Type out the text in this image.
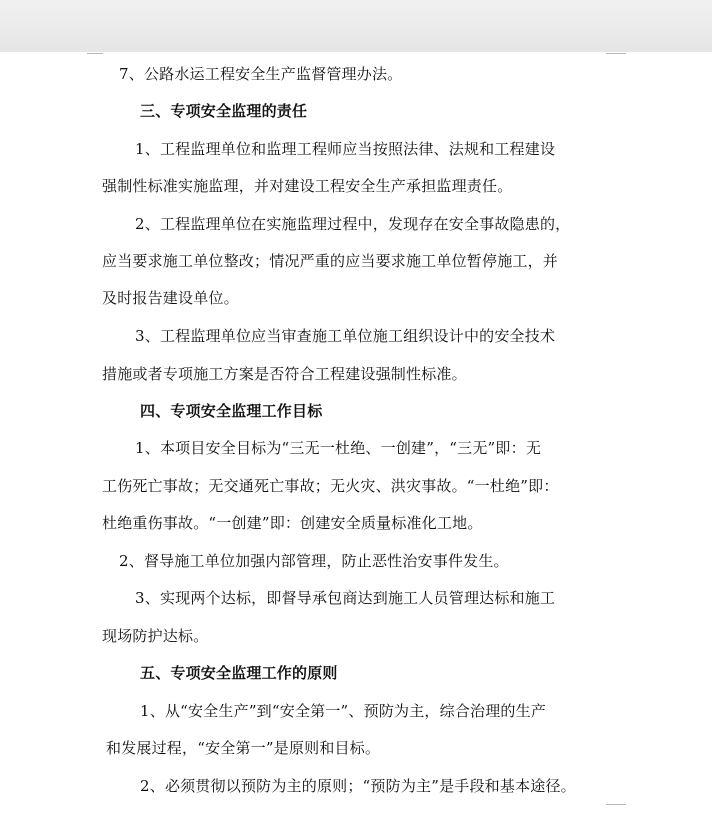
7、公路水运工程安全生产监督管理办法。
三、专项安全监理的责任
1、工程监理单位和监理工程师应当按照法律、法规和工程建设
强制性标准实施监理，并对建设工程安全生产承担监理责任。
2、工程监理单位在实施监理过程中，发现存在安全事故隐患的，
应当要求施工单位整改；情况严重的应当要求施工单位暂停施工，并
及时报告建设单位。
3、工程监理单位应当审查施工单位施工组织设计中的安全技术
措施或者专项施工方案是否符合工程建设强制性标准。
四、专项安全监理工作目标
1、本项目安全目标为“三无一杜绝、一创建”，“三无”即：无
工伤死亡事故；无交通死亡事故；无火灾、洪灾事故。“一杜绝”即：
杜绝重伤事故。“一创建”即：创建安全质量标准化工地。
2、督导施工单位加强内部管理，防止恶性治安事件发生。
3、实现两个达标，即督导承包商达到施工人员管理达标和施工
现场防护达标。
五、专项安全监理工作的原则
1、从“安全生产”到“安全第一”、预防为主，综合治理的生产
和发展过程，“安全第一”是原则和目标。
2、必须贯彻以预防为主的原则；“预防为主”是手段和基本途径。
